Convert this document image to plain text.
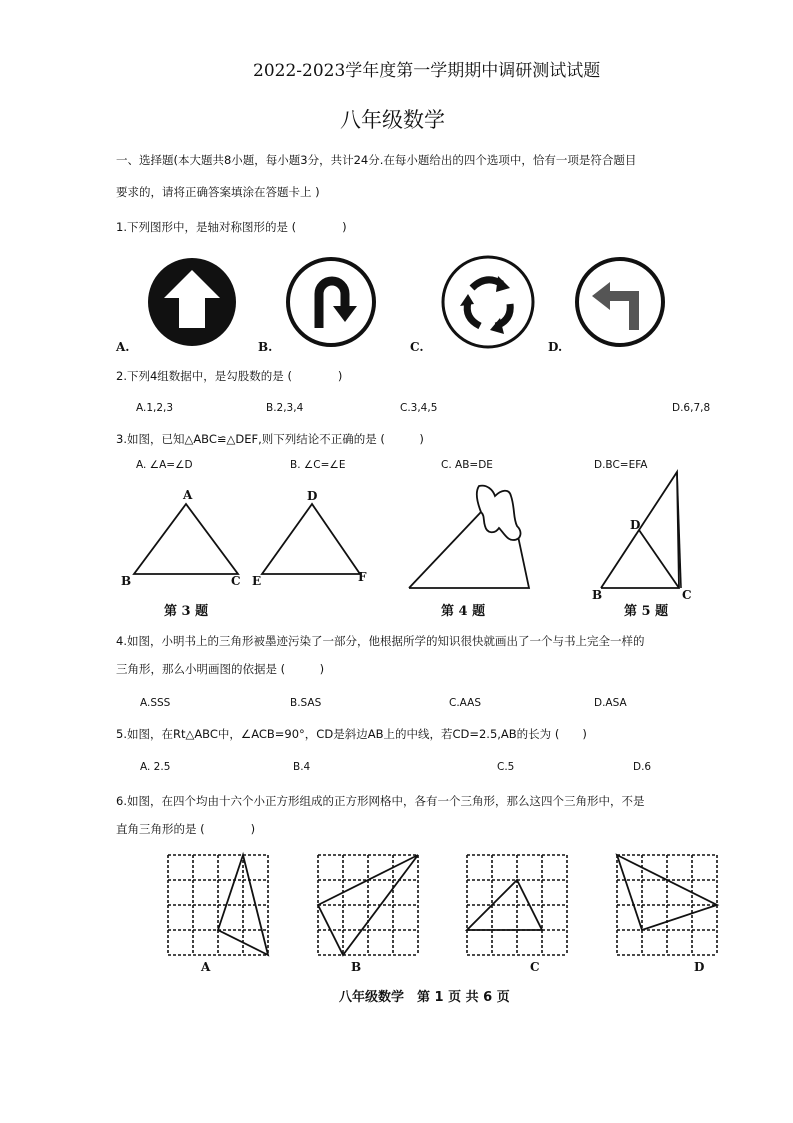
2022-2023学年度第一学期期中调研测试试题
八年级数学
一、选择题(本大题共8小题，每小题3分，共计24分.在每小题给出的四个选项中，恰有一项是符合题目
要求的，请将正确答案填涂在答题卡上 )
1.下列图形中，是轴对称图形的是 (　　　　)
A.	B.	C.	D.
2.下列4组数据中，是勾股数的是 (　　　　)
A.1,2,3	B.2,3,4	C.3,4,5	D.6,7,8
3.如图，已知△ABC≌△DEF,则下列结论不正确的是 (　　　)
A. ∠A=∠D	B. ∠C=∠E	C. AB=DE	D.BC=EFA
A
B	C
D
E	F
第 3 题	第 4 题
D
B	C
第 5 题
4.如图，小明书上的三角形被墨迹污染了一部分，他根据所学的知识很快就画出了一个与书上完全一样的
三角形，那么小明画图的依据是 (　　　)
A.SSS	B.SAS	C.AAS	D.ASA
5.如图，在Rt△ABC中，∠ACB=90°，CD是斜边AB上的中线，若CD=2.5,AB的长为 (　　)
A. 2.5	B.4	C.5	D.6
6.如图，在四个均由十六个小正方形组成的正方形网格中，各有一个三角形，那么这四个三角形中，不是
直角三角形的是 (　　　　)
A	B	C	D
八年级数学　第 1 页 共 6 页
